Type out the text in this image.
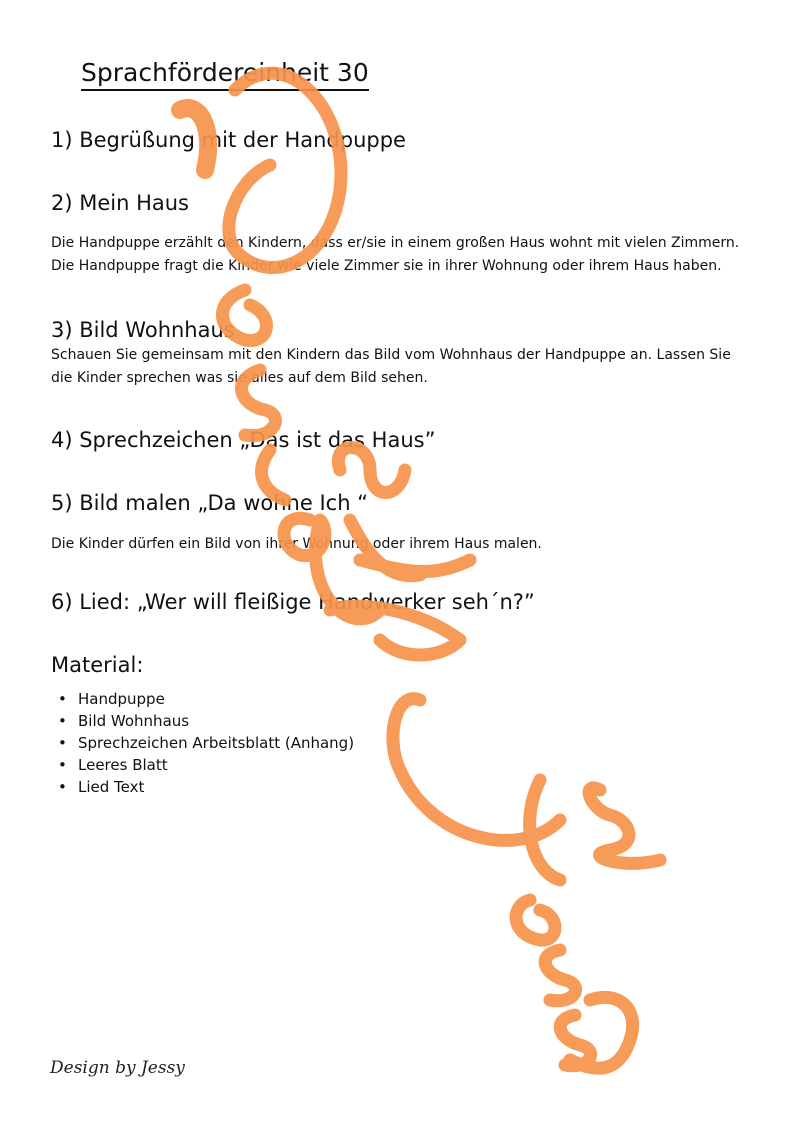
Sprachfördereinheit 30
1) Begrüßung mit der Handpuppe
2) Mein Haus

Die Handpuppe erzählt den Kindern, dass er/sie in einem großen Haus wohnt mit vielen Zimmern. Die Handpuppe fragt die Kinder wie viele Zimmer sie in ihrer Wohnung oder ihrem Haus haben.

3) Bild Wohnhaus

Schauen Sie gemeinsam mit den Kindern das Bild vom Wohnhaus der Handpuppe an. Lassen Sie die Kinder sprechen was sie alles auf dem Bild sehen.

4) Sprechzeichen „Das ist das Haus”
5) Bild malen „Da wohne Ich “

Die Kinder dürfen ein Bild von ihrer Wohnung oder ihrem Haus malen.

6) Lied: „Wer will fleißige Handwerker seh´n?”
Material:
• Handpuppe
• Bild Wohnhaus
• Sprechzeichen Arbeitsblatt (Anhang)
• Leeres Blatt
• Lied Text
Design by Jessy
